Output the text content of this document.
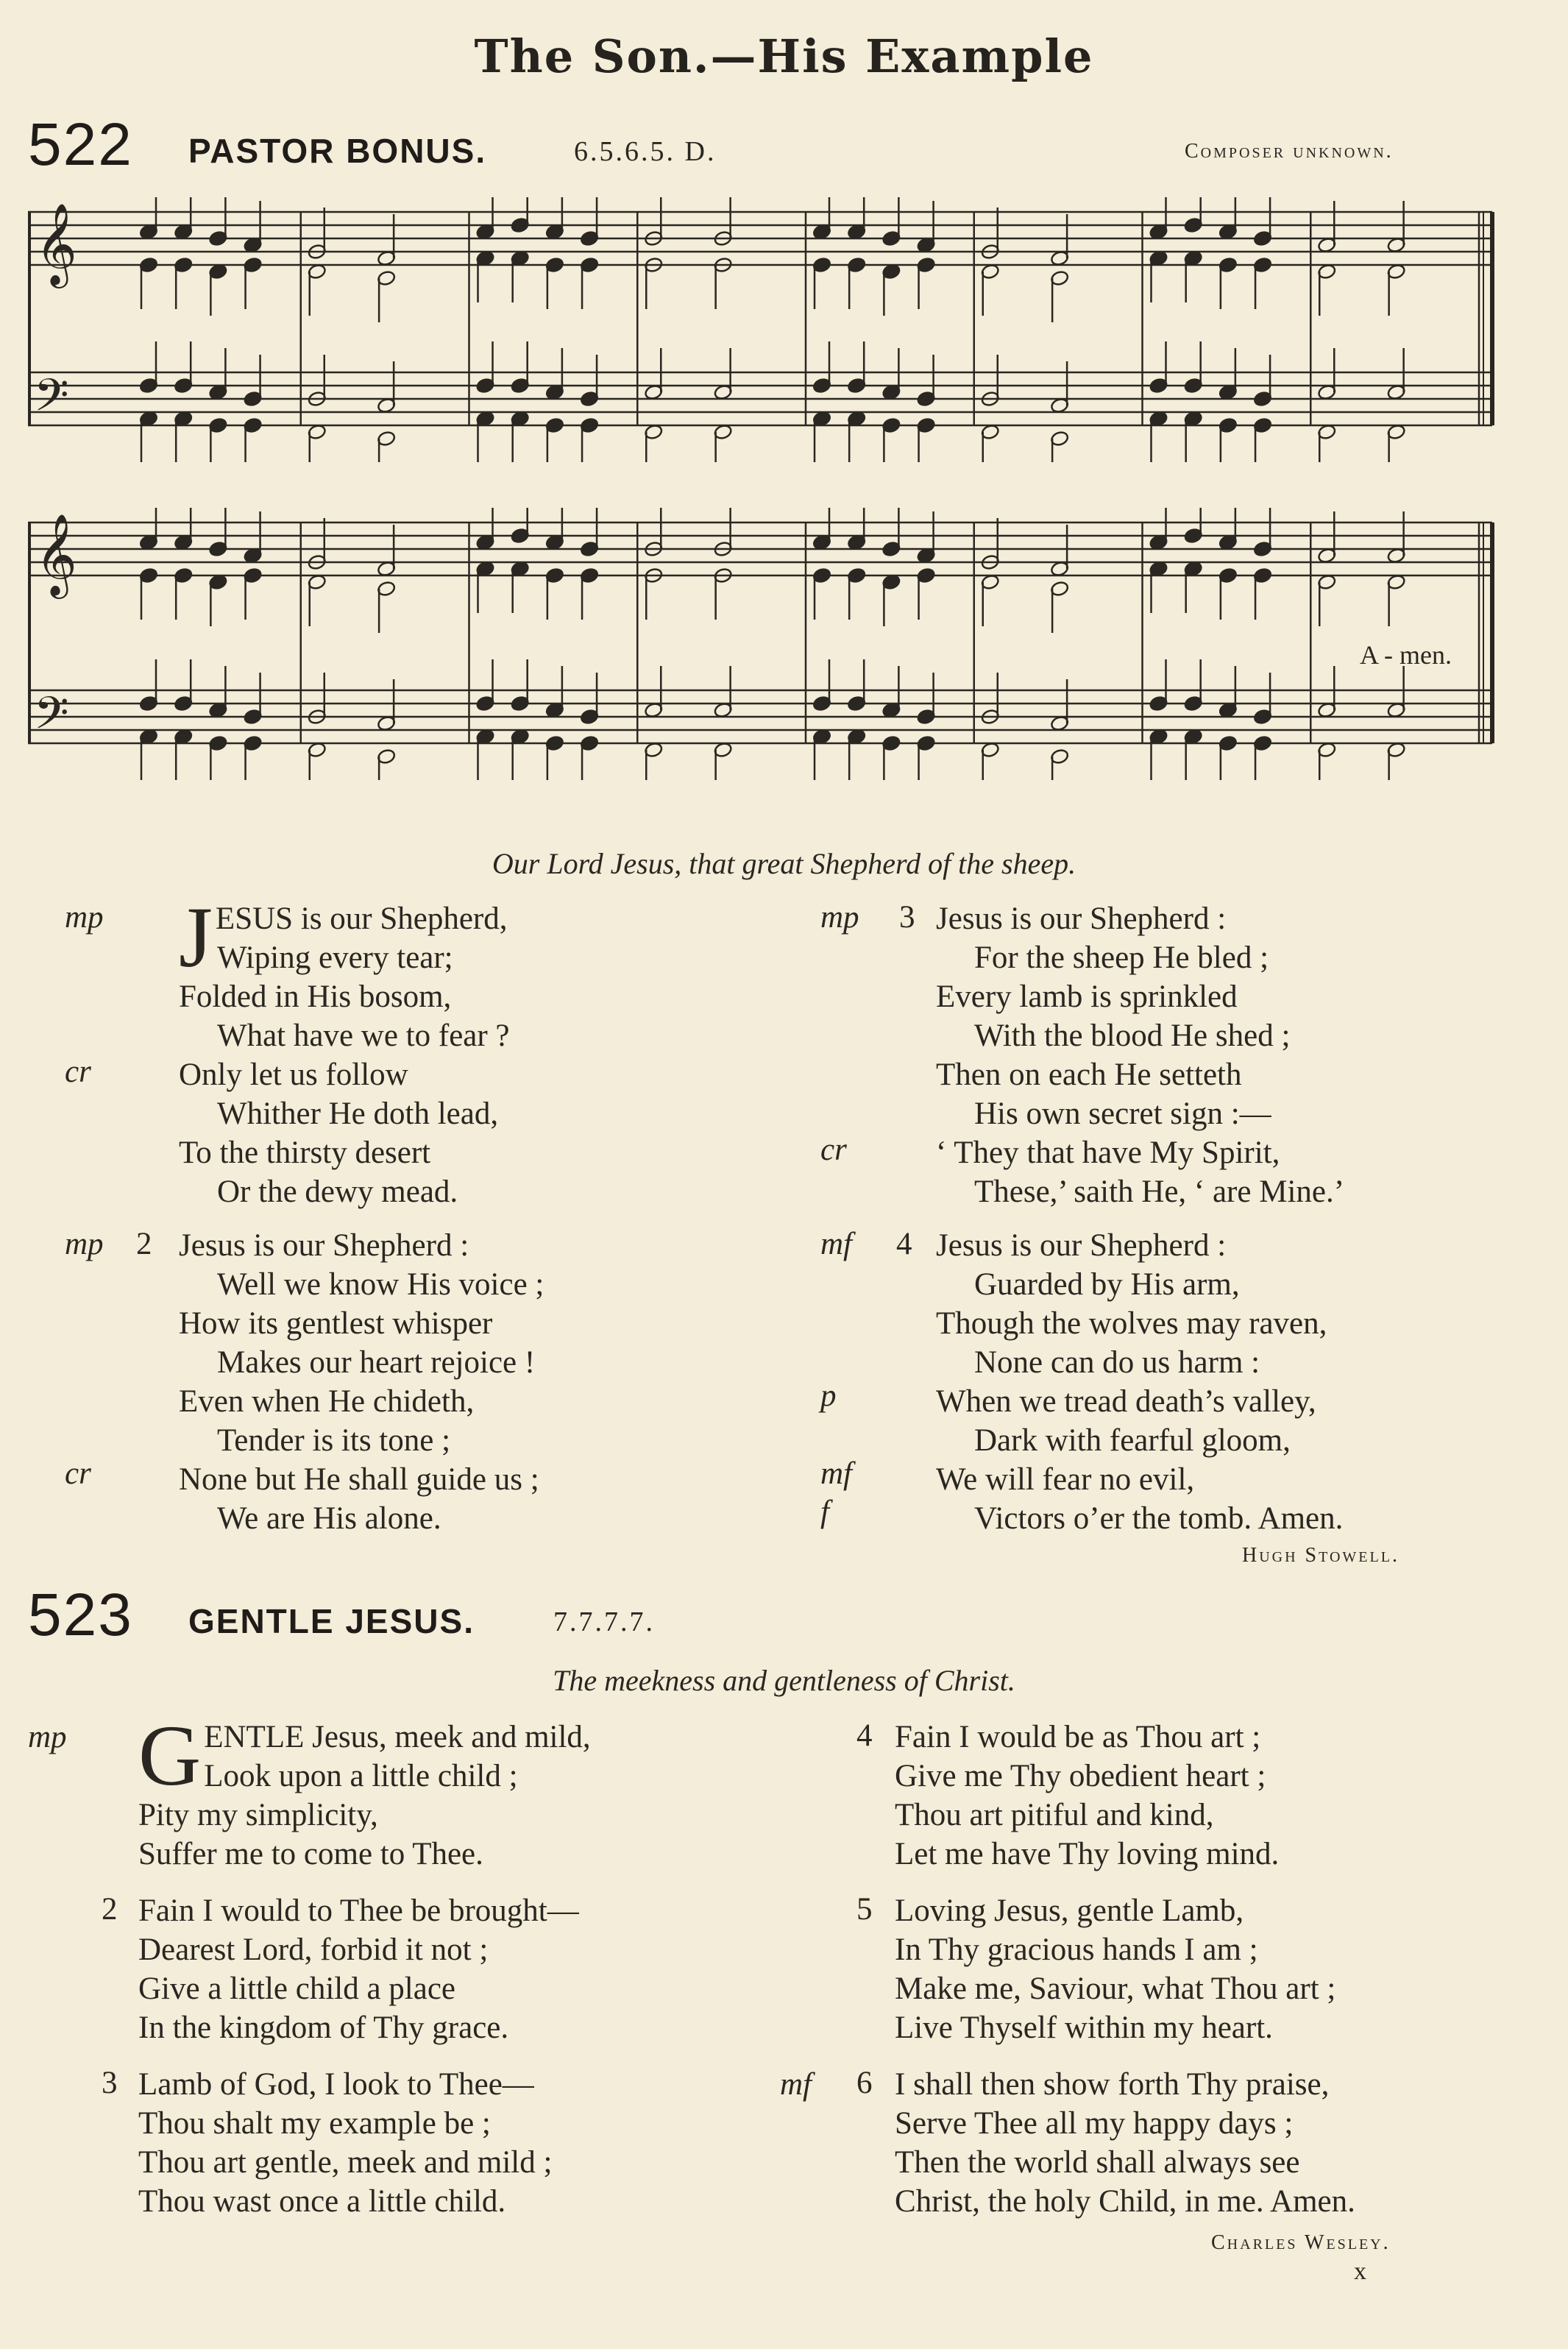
The Son.—His Example
522 PASTOR BONUS.	6.5.6.5. D.	Composer unknown.
𝄞
𝄢
𝄞
𝄢
A - men.
Our Lord Jesus, that great Shepherd of the sheep.
mp
cr
J ESUS is our Shepherd,
Wiping every tear;
Folded in His bosom,
What have we to fear ?
Only let us follow
Whither He doth lead,
To the thirsty desert
Or the dewy mead.
mp
cr
2 Jesus is our Shepherd :
Well we know His voice ;
How its gentlest whisper
Makes our heart rejoice !
Even when He chideth,
Tender is its tone ;
None but He shall guide us ;
We are His alone.
mp
cr
3 Jesus is our Shepherd :
For the sheep He bled ;
Every lamb is sprinkled
With the blood He shed ;
Then on each He setteth
His own secret sign :—
‘ They that have My Spirit,
These,’ saith He, ‘ are Mine.’
mf
p
mf
f
4 Jesus is our Shepherd :
Guarded by His arm,
Though the wolves may raven,
None can do us harm :
When we tread death’s valley,
Dark with fearful gloom,
We will fear no evil,
Victors o’er the tomb. Amen.
Hugh Stowell.
523 GENTLE JESUS.	7.7.7.7.
The meekness and gentleness of Christ.
mp G ENTLE Jesus, meek and mild,
Look upon a little child ;
Pity my simplicity,
Suffer me to come to Thee.
2 Fain I would to Thee be brought—
Dearest Lord, forbid it not ;
Give a little child a place
In the kingdom of Thy grace.
3 Lamb of God, I look to Thee—
Thou shalt my example be ;
Thou art gentle, meek and mild ;
Thou wast once a little child.
4 Fain I would be as Thou art ;
Give me Thy obedient heart ;
Thou art pitiful and kind,
Let me have Thy loving mind.
5 Loving Jesus, gentle Lamb,
In Thy gracious hands I am ;
Make me, Saviour, what Thou art ;
Live Thyself within my heart.
mf 6 I shall then show forth Thy praise,
Serve Thee all my happy days ;
Then the world shall always see
Christ, the holy Child, in me. Amen.
Charles Wesley.
x
